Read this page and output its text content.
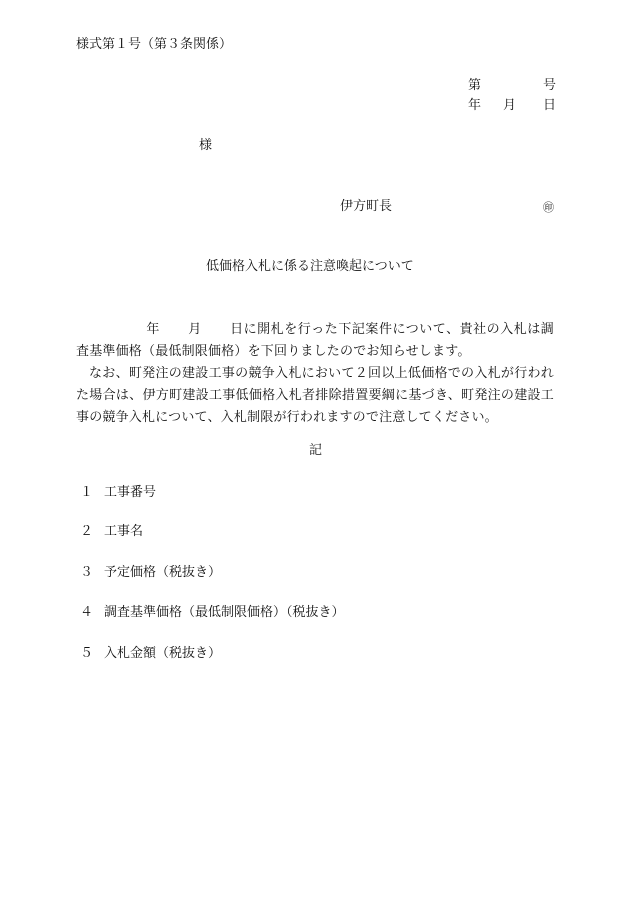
様式第１号（第３条関係）
第	号
年 月 日
様
伊方町長	㊞
低価格入札に係る注意喚起について
年 月 日に開札を行った下記案件について、貴社の入札は調査基準価格（最低制限価格）を下回りましたのでお知らせします。
なお、町発注の建設工事の競争入札において２回以上低価格での入札が行われた場合は、伊方町建設工事低価格入札者排除措置要綱に基づき、町発注の建設工事の競争入札について、入札制限が行われますので注意してください。
記
１ 工事番号
２ 工事名
３ 予定価格（税抜き）
４ 調査基準価格（最低制限価格）（税抜き）
５ 入札金額（税抜き）
